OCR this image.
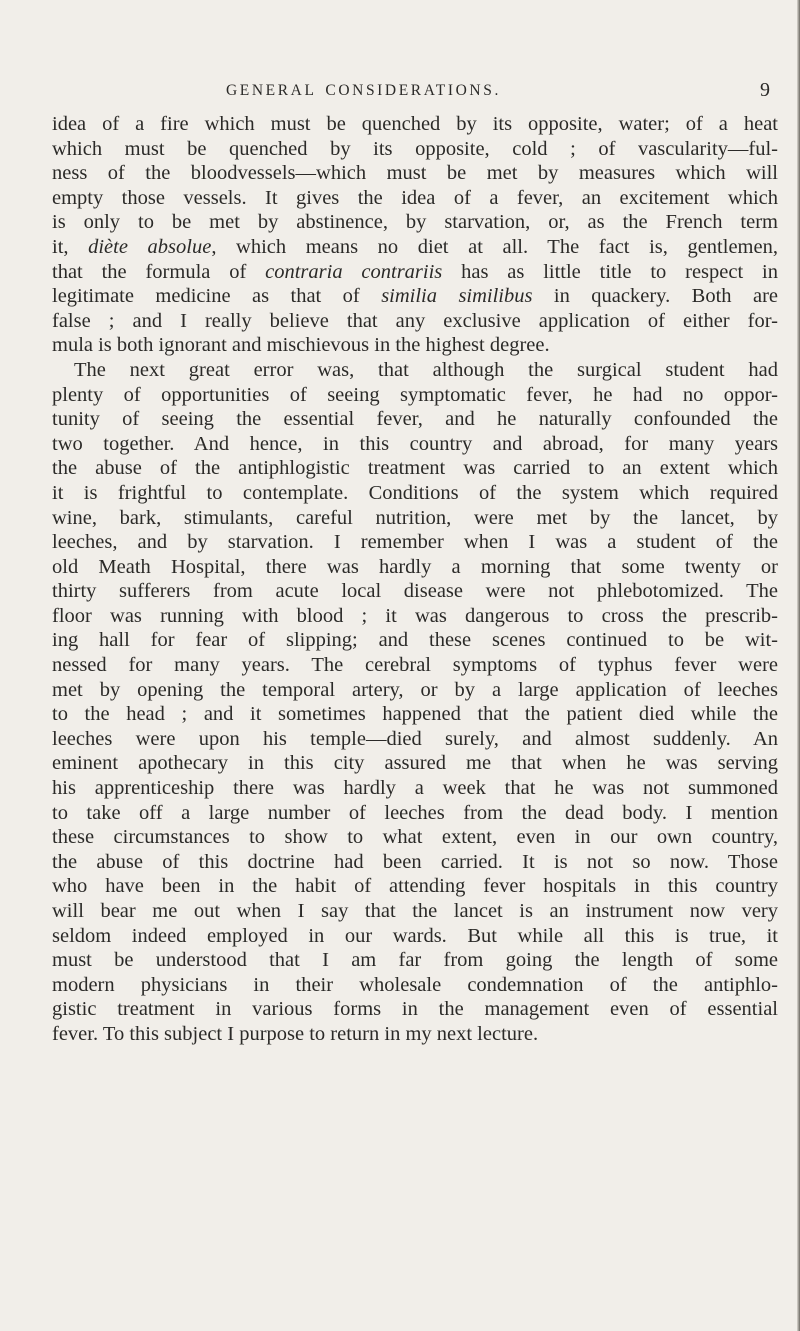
GENERAL CONSIDERATIONS.	9
idea of a fire which must be quenched by its opposite, water; of a heat
which must be quenched by its opposite, cold ; of vascularity—ful-
ness of the bloodvessels—which must be met by measures which will
empty those vessels. It gives the idea of a fever, an excitement which
is only to be met by abstinence, by starvation, or, as the French term
it, diète absolue, which means no diet at all. The fact is, gentlemen,
that the formula of contraria contrariis has as little title to respect in
legitimate medicine as that of similia similibus in quackery. Both are
false ; and I really believe that any exclusive application of either for-
mula is both ignorant and mischievous in the highest degree.
The next great error was, that although the surgical student had
plenty of opportunities of seeing symptomatic fever, he had no oppor-
tunity of seeing the essential fever, and he naturally confounded the
two together. And hence, in this country and abroad, for many years
the abuse of the antiphlogistic treatment was carried to an extent which
it is frightful to contemplate. Conditions of the system which required
wine, bark, stimulants, careful nutrition, were met by the lancet, by
leeches, and by starvation. I remember when I was a student of the
old Meath Hospital, there was hardly a morning that some twenty or
thirty sufferers from acute local disease were not phlebotomized. The
floor was running with blood ; it was dangerous to cross the prescrib-
ing hall for fear of slipping; and these scenes continued to be wit-
nessed for many years. The cerebral symptoms of typhus fever were
met by opening the temporal artery, or by a large application of leeches
to the head ; and it sometimes happened that the patient died while the
leeches were upon his temple—died surely, and almost suddenly. An
eminent apothecary in this city assured me that when he was serving
his apprenticeship there was hardly a week that he was not summoned
to take off a large number of leeches from the dead body. I mention
these circumstances to show to what extent, even in our own country,
the abuse of this doctrine had been carried. It is not so now. Those
who have been in the habit of attending fever hospitals in this country
will bear me out when I say that the lancet is an instrument now very
seldom indeed employed in our wards. But while all this is true, it
must be understood that I am far from going the length of some
modern physicians in their wholesale condemnation of the antiphlo-
gistic treatment in various forms in the management even of essential
fever. To this subject I purpose to return in my next lecture.
